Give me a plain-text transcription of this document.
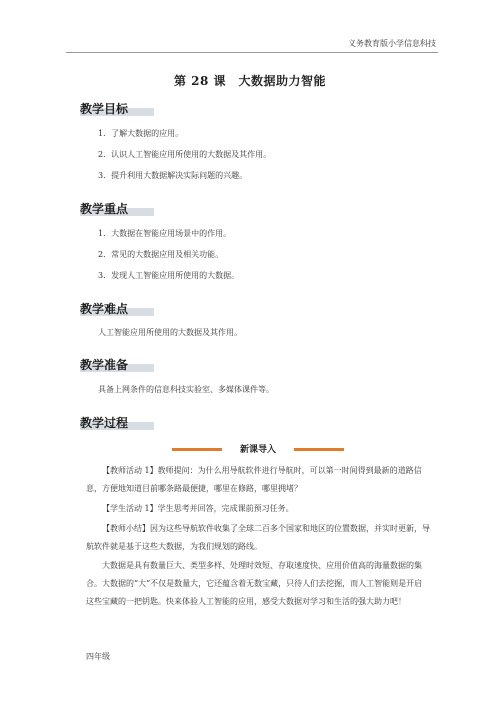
义务教育版小学信息科技
第 28 课　大数据助力智能
教学目标
1．了解大数据的应用。
2．认识人工智能应用所使用的大数据及其作用。
3．提升利用大数据解决实际问题的兴趣。
教学重点
1．大数据在智能应用场景中的作用。
2．常见的大数据应用及相关功能。
3．发现人工智能应用所使用的大数据。
教学难点
人工智能应用所使用的大数据及其作用。
教学准备
具备上网条件的信息科技实验室、多媒体课件等。
教学过程
新课导入
【教师活动 1】教师提问：为什么用导航软件进行导航时，可以第一时间得到最新的道路信息，方便地知道目前哪条路最便捷，哪里在修路，哪里拥堵？
【学生活动 1】学生思考并回答，完成课前预习任务。
【教师小结】因为这些导航软件收集了全球二百多个国家和地区的位置数据，并实时更新，导航软件就是基于这些大数据，为我们规划的路线。
大数据是具有数量巨大、类型多样、处理时效短、存取速度快、应用价值高的海量数据的集合。大数据的“大”不仅是数量大，它还蕴含着无数宝藏，只待人们去挖掘，而人工智能则是开启这些宝藏的一把钥匙。快来体验人工智能的应用，感受大数据对学习和生活的强大助力吧！
四年级
